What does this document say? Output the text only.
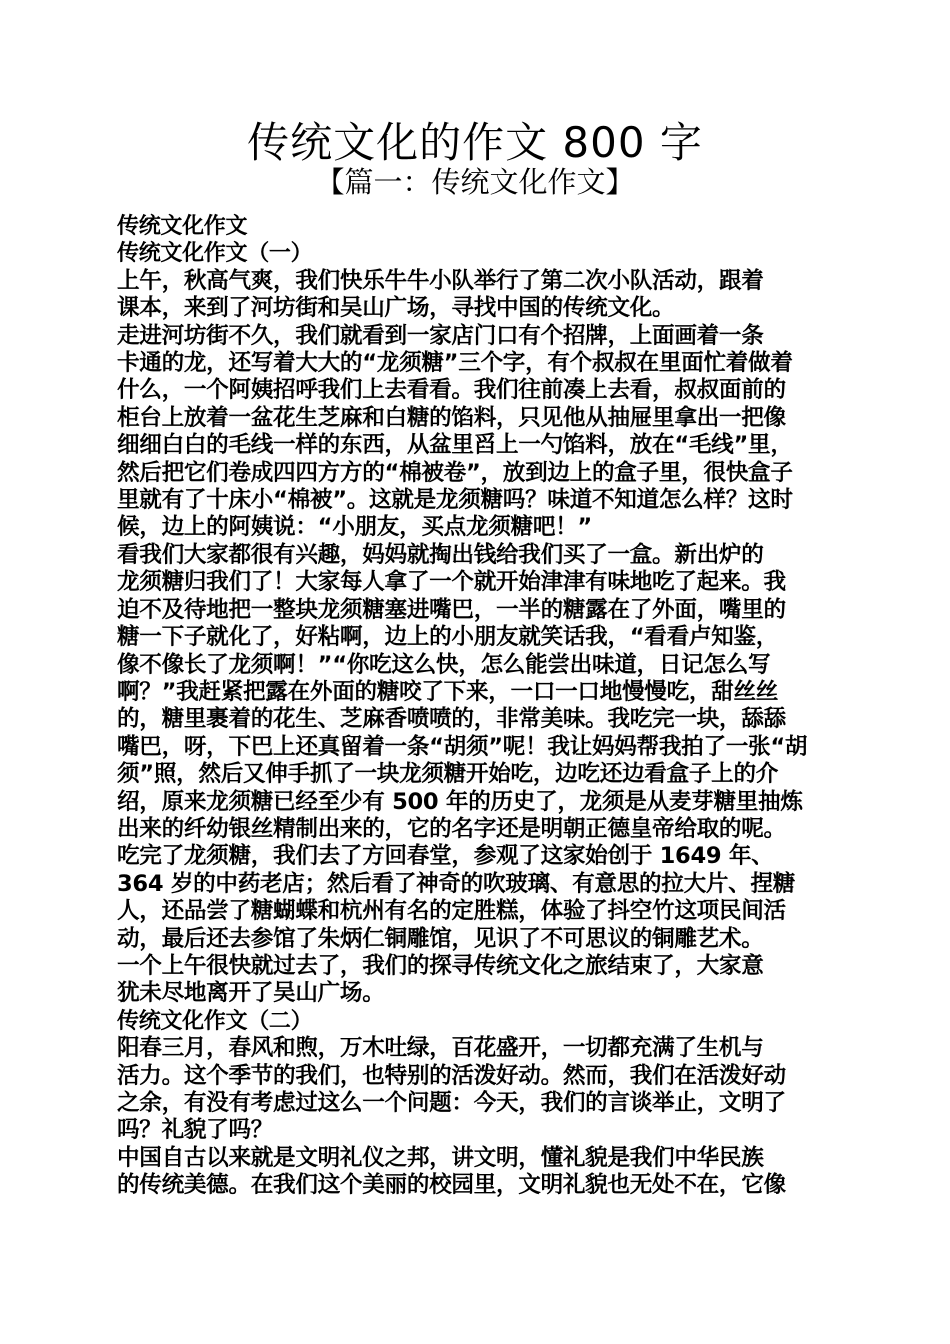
传统文化的作文 800 字
【篇一：传统文化作文】
传统文化作文
传统文化作文（一）
上午，秋高气爽，我们快乐牛牛小队举行了第二次小队活动，跟着
课本，来到了河坊街和吴山广场，寻找中国的传统文化。
走进河坊街不久，我们就看到一家店门口有个招牌，上面画着一条
卡通的龙，还写着大大的“龙须糖”三个字，有个叔叔在里面忙着做着
什么，一个阿姨招呼我们上去看看。我们往前凑上去看，叔叔面前的
柜台上放着一盆花生芝麻和白糖的馅料，只见他从抽屉里拿出一把像
细细白白的毛线一样的东西，从盆里舀上一勺馅料，放在“毛线”里，
然后把它们卷成四四方方的“棉被卷”，放到边上的盒子里，很快盒子
里就有了十床小“棉被”。这就是龙须糖吗？味道不知道怎么样？这时
候，边上的阿姨说：“小朋友，买点龙须糖吧！”
看我们大家都很有兴趣，妈妈就掏出钱给我们买了一盒。新出炉的
龙须糖归我们了！大家每人拿了一个就开始津津有味地吃了起来。我
迫不及待地把一整块龙须糖塞进嘴巴，一半的糖露在了外面，嘴里的
糖一下子就化了，好粘啊，边上的小朋友就笑话我，“看看卢知鉴，
像不像长了龙须啊！”“你吃这么快，怎么能尝出味道，日记怎么写
啊？”我赶紧把露在外面的糖咬了下来，一口一口地慢慢吃，甜丝丝
的，糖里裹着的花生、芝麻香喷喷的，非常美味。我吃完一块，舔舔
嘴巴，呀，下巴上还真留着一条“胡须”呢！我让妈妈帮我拍了一张“胡
须”照，然后又伸手抓了一块龙须糖开始吃，边吃还边看盒子上的介
绍，原来龙须糖已经至少有 500 年的历史了，龙须是从麦芽糖里抽炼
出来的纤幼银丝精制出来的，它的名字还是明朝正德皇帝给取的呢。
吃完了龙须糖，我们去了方回春堂，参观了这家始创于 1649 年、
364 岁的中药老店；然后看了神奇的吹玻璃、有意思的拉大片、捏糖
人，还品尝了糖蝴蝶和杭州有名的定胜糕，体验了抖空竹这项民间活
动，最后还去参馆了朱炳仁铜雕馆，见识了不可思议的铜雕艺术。
一个上午很快就过去了，我们的探寻传统文化之旅结束了，大家意
犹未尽地离开了吴山广场。
传统文化作文（二）
阳春三月，春风和煦，万木吐绿，百花盛开，一切都充满了生机与
活力。这个季节的我们，也特别的活泼好动。然而，我们在活泼好动
之余，有没有考虑过这么一个问题：今天，我们的言谈举止，文明了
吗？礼貌了吗？
中国自古以来就是文明礼仪之邦，讲文明，懂礼貌是我们中华民族
的传统美德。在我们这个美丽的校园里，文明礼貌也无处不在，它像
